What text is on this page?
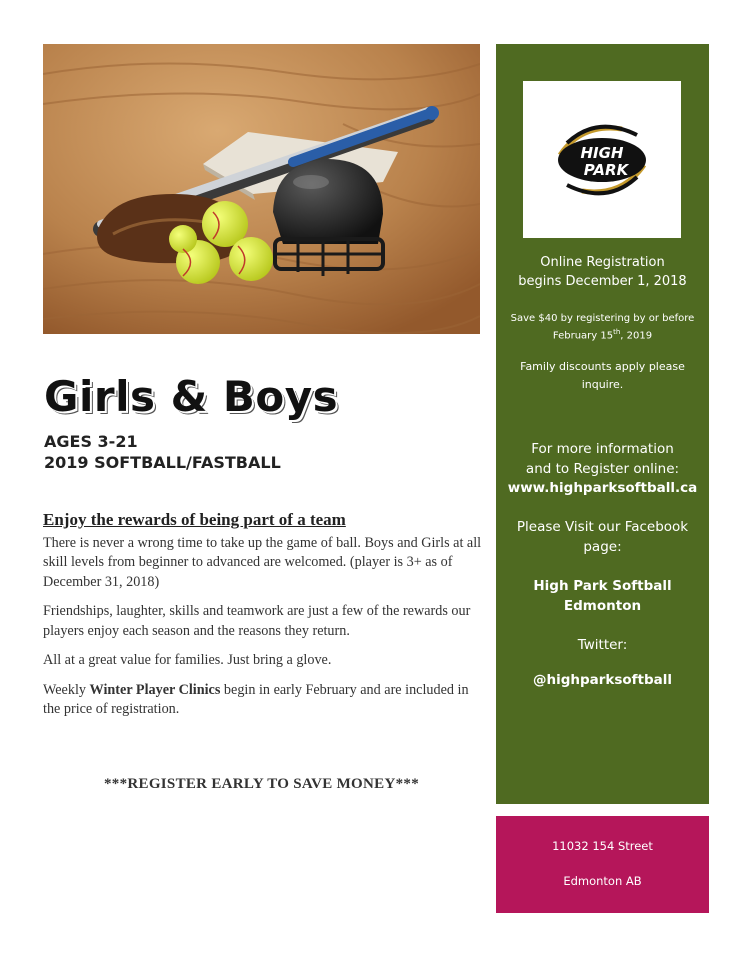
Girls & Boys
AGES 3-21
2019 SOFTBALL/FASTBALL
Enjoy the rewards of being part of a team

There is never a wrong time to take up the game of ball. Boys and Girls at all skill levels from beginner to advanced are welcomed. (player is 3+ as of December 31, 2018)

Friendships, laughter, skills and teamwork are just a few of the rewards our players enjoy each season and the reasons they return.

All at a great value for families. Just bring a glove.

Weekly Winter Player Clinics begin in early February and are included in the price of registration.

***REGISTER EARLY TO SAVE MONEY***
HIGH
PARK
Online Registration
begins December 1, 2018
Save $40 by registering by or before February 15th, 2019
Family discounts apply please inquire.
For more information
and to Register online:
www.highparksoftball.ca
Please Visit our Facebook
page:
High Park Softball
Edmonton
Twitter:
@highparksoftball
11032 154 Street
Edmonton AB
